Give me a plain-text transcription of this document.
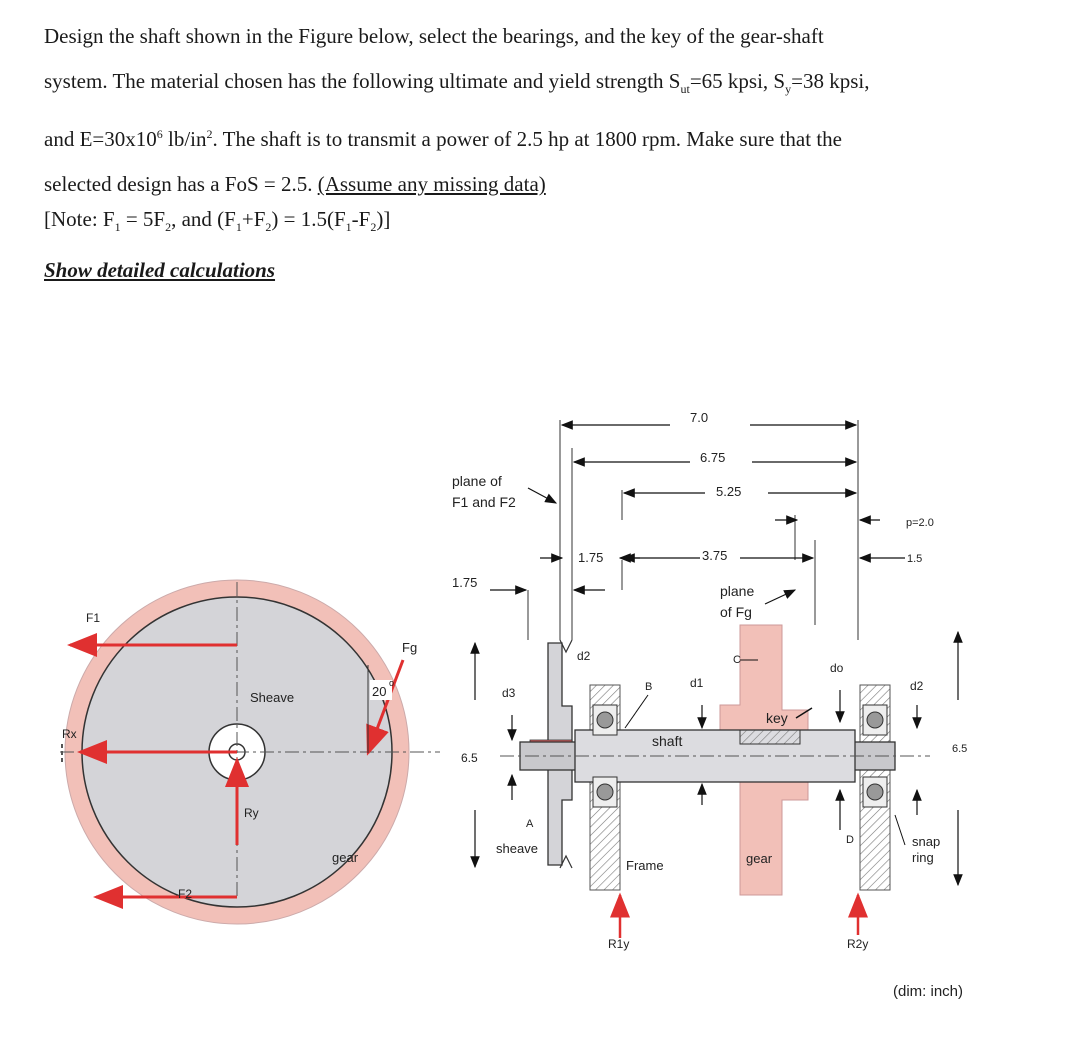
Design the shaft shown in the Figure below, select the bearings, and the key of the gear-shaft

system. The material chosen has the following ultimate and yield strength $S_{ut}=65$ kpsi, $S_y=38$ kpsi,

and $E=30x10^6$ $lb/in^2$. The shaft is to transmit a power of 2.5 hp at 1800 rpm. Make sure that the

selected design has a FoS = 2.5. (Assume any missing data)

[Note: $F_1 = 5F_2$, and $(F_1+F_2) = 1.5(F_1-F_2)$]
Show detailed calculations
F1
F2
Rx
Ry
Sheave
gear
Fg
20
o
7.0
6.75
5.25
p=2.0
1.75	3.75	1.5
1.75
plane of
F1 and F2
plane
of Fg
6.5
6.5
d2
d3	B	d1
C
key
shaft
do
d2
A
sheave
Frame	gear
D	snap
ring
R1y	R2y
(dim: inch)
